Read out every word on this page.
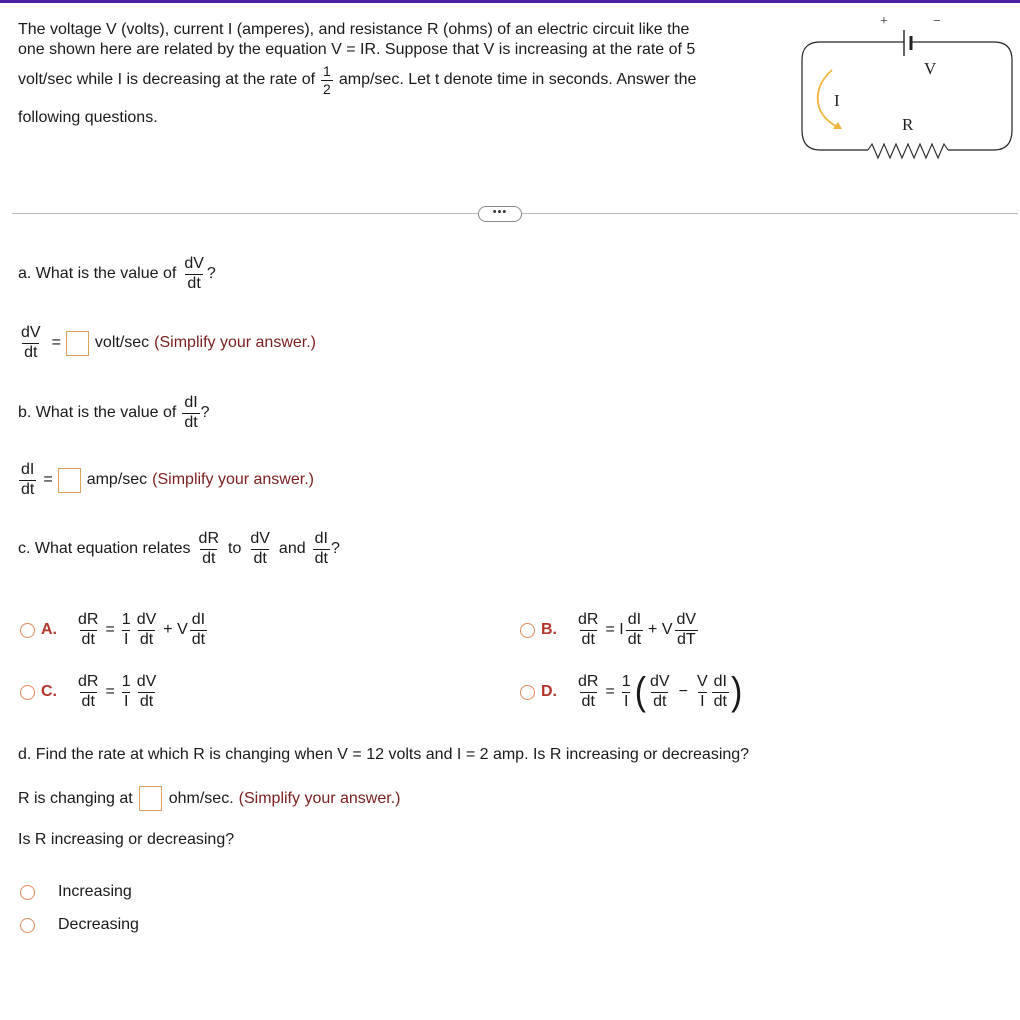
The voltage V (volts), current I (amperes), and resistance R (ohms) of an electric circuit like the
one shown here are related by the equation V = IR. Suppose that V is increasing at the rate of 5
volt/sec while I is decreasing at the rate of $\frac{1}{2} amp/\sec$. Let t denote time in seconds. Answer the
following questions.
+	−
V
I
R
•••
a. What is the value of $\frac{dV}{dt}$ ?
$\frac{dV}{dt}$ = volt/sec (Simplify your answer.)
b. What is the value of $\frac{dI}{dt}$ ?
$\frac{dI}{dt} = amp/\sec$ (Simplify your answer.)
c. What equation relates $\frac{dR}{dt}$ to $\frac{dV}{dt}$ and $\frac{dI}{dt}$ ?
A. $\frac{dR}{dt} = \frac{1}{I} \frac{dV}{dt} + V \frac{dI}{dt}$	B. $\frac{dR}{dt} = I \frac{dI}{dt} + V \frac{dV}{dT}$
C. $\frac{dR}{dt} = \frac{1}{I} \frac{dV}{dt}$	D. $\frac{dR}{dt} = \frac{1}{I}$ ( $\frac{dV}{dt} - \frac{V}{I} \frac{dI}{dt}$ )
d. Find the rate at which R is changing when V = 12 volts and I = 2 amp. Is R increasing or decreasing?
R is changing at ohm/sec. (Simplify your answer.)
Is R increasing or decreasing?
Increasing
Decreasing
